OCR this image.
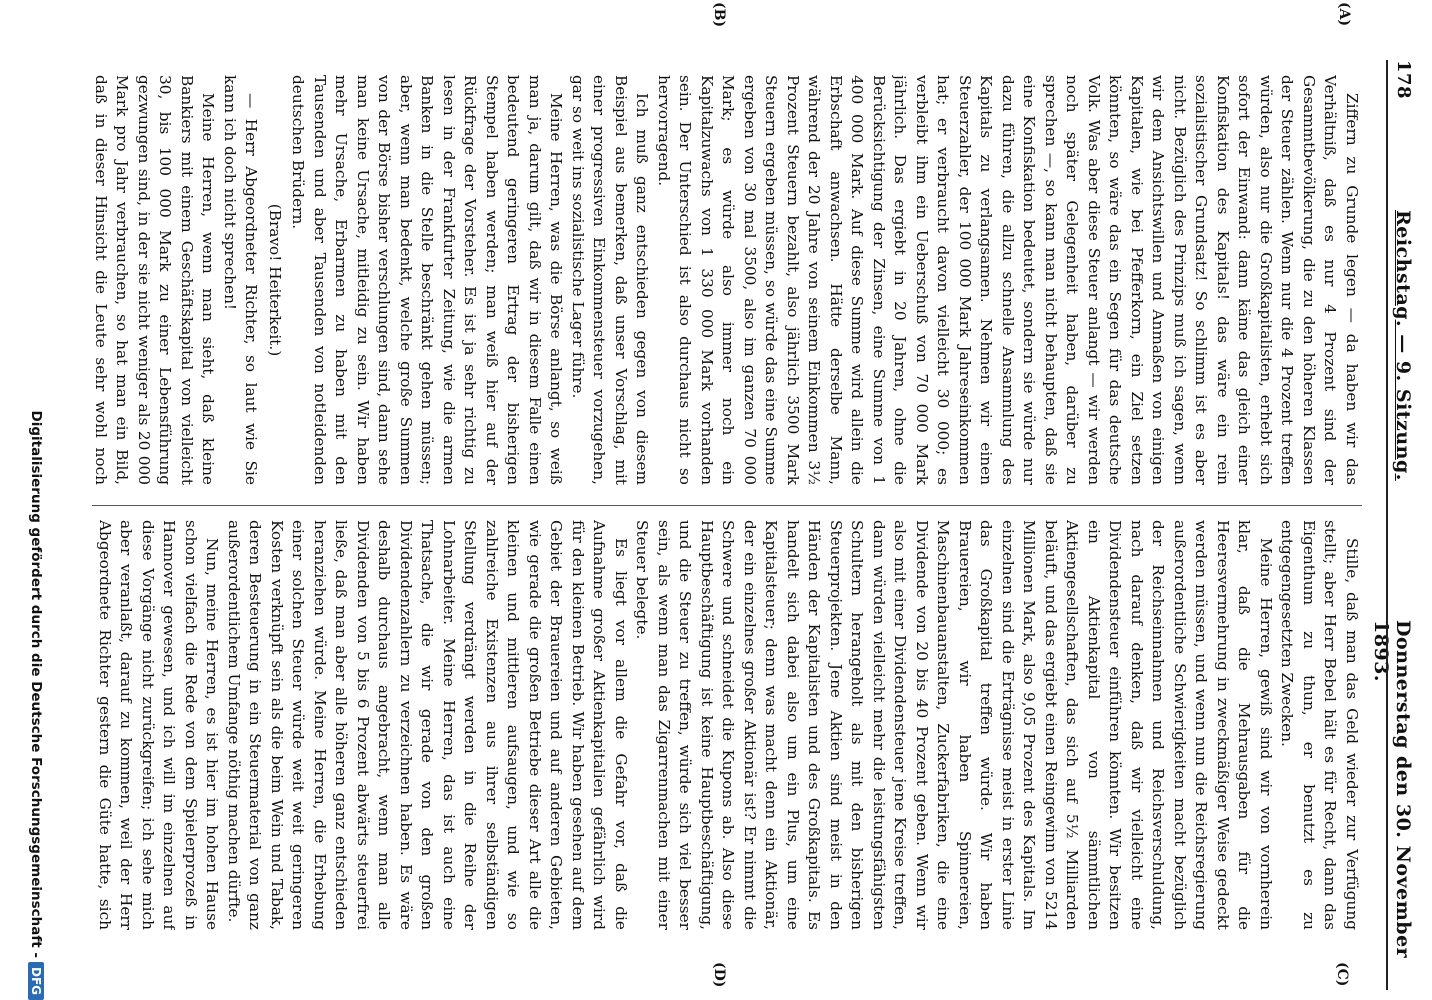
178
Reichstag. — 9. Sitzung.
Donnerstag den 30. November 1893.
(A)
(B)
(C)
(D)

Ziffern zu Grunde legen — da haben wir das Verhältniß, daß es nur 4 Prozent sind der Gesammtbevölkerung, die zu den höheren Klassen der Steuer zählen. Wenn nur die 4 Prozent treffen würden, also nur die Großkapitalisten, erhebt sich sofort der Einwand: dann käme das gleich einer Konfiskation des Kapitals! das wäre ein rein sozialistischer Grundsatz! So schlimm ist es aber nicht. Bezüglich des Prinzips muß ich sagen, wenn wir dem Ansichtswillen und Anmaßen von einigen Kapitalen, wie bei Pfefferkorn, ein Ziel setzen könnten, so wäre das ein Segen für das deutsche Volk. Was aber diese Steuer anlangt — wir werden noch später Gelegenheit haben, darüber zu sprechen —, so kann man nicht behaupten, daß sie eine Konfiskation bedeutet, sondern sie würde nur dazu führen, die allzu schnelle Ansammlung des Kapitals zu verlangsamen. Nehmen wir einen Steuerzahler, der 100 000 Mark Jahreseinkommen hat; er verbraucht davon vielleicht 30 000; es verbleibt ihm ein Ueberschuß von 70 000 Mark jährlich. Das ergiebt in 20 Jahren, ohne die Berücksichtigung der Zinsen, eine Summe von 1 400 000 Mark. Auf diese Summe wird allein die Erbschaft anwachsen. Hätte derselbe Mann, während der 20 Jahre von seinem Einkommen 3½ Prozent Steuern bezahlt, also jährlich 3500 Mark Steuern ergeben müssen, so würde das eine Summe ergeben von 30 mal 3500, also im ganzen 70 000 Mark; es würde also immer noch ein Kapitalzuwachs von 1 330 000 Mark vorhanden sein. Der Unterschied ist also durchaus nicht so hervorragend.

Ich muß ganz entschieden gegen von diesem Beispiel aus bemerken, daß unser Vorschlag, mit einer progressiven Einkommensteuer vorzugehen, gar so weit ins sozialistische Lager führe.

Meine Herren, was die Börse anlangt, so weiß man ja, darum gilt, daß wir in diesem Falle einen bedeutend geringeren Ertrag der bisherigen Stempel haben werden; man weiß hier auf der Rückfrage der Vorsteher. Es ist ja sehr richtig zu lesen in der Frankfurter Zeitung, wie die armen Banken in die Stelle beschränkt gehen müssen; aber, wenn man bedenkt, welche große Summen von der Börse bisher verschlungen sind, dann sehe man keine Ursache, mitleidig zu sein. Wir haben mehr Ursache, Erbarmen zu haben mit den Tausenden und aber Tausenden von notleidenden deutschen Brüdern.

(Bravo! Heiterkeit.)

— Herr Abgeordneter Richter, so laut wie Sie kann ich doch nicht sprechen!

Meine Herren, wenn man sieht, daß kleine Bankiers mit einem Geschäftskapital von vielleicht 30, bis 100 000 Mark zu einer Lebensführung gezwungen sind, in der sie nicht weniger als 20 000 Mark pro Jahr verbrauchen, so hat man ein Bild, daß in dieser Hinsicht die Leute sehr wohl noch

Stille, daß man das Geld wieder zur Verfügung stellt; aber Herr Bebel hält es für Recht, dann das Eigenthum zu thun, er benutzt es zu entgegengesetzten Zwecken.

Meine Herren, gewiß sind wir von vornherein klar, daß die Mehrausgaben für die Heeresvermehrung in zweckmäßiger Weise gedeckt werden müssen, und wenn nun die Reichsregierung außerordentliche Schwierigkeiten macht bezüglich der Reichseinnahmen und Reichsverschuldung, nach darauf denken, daß wir vielleicht eine Dividendensteuer einführen könnten. Wir besitzen ein Aktienkapital von sämmtlichen Aktiengesellschaften, das sich auf 5½ Milliarden beläuft, und das ergiebt einen Reingewinn von 5214 Millionen Mark, also 9,05 Prozent des Kapitals. Im einzelnen sind die Erträgnisse meist in erster Linie das Großkapital treffen würde. Wir haben Brauereien, wir haben Spinnereien, Maschinenbauanstalten, Zuckerfabriken, die eine Dividende von 20 bis 40 Prozent geben. Wenn wir also mit einer Dividendensteuer jene Kreise treffen, dann würden vielleicht mehr die leistungsfähigsten Schultern herangeholt als mit den bisherigen Steuerprojekten. Jene Aktien sind meist in den Händen der Kapitalisten und des Großkapitals. Es handelt sich dabei also um ein Plus, um eine Kapitalsteuer; denn was macht denn ein Aktionär, der ein einzelnes großer Aktionär ist? Er nimmt die Schwere und schneidet die Kupons ab. Also diese Hauptbeschäftigung ist keine Hauptbeschäftigung, und die Steuer zu treffen, würde sich viel besser sein, als wenn man das Zigarrenmachen mit einer Steuer belegte.

Es liegt vor allem die Gefahr vor, daß die Aufnahme großer Aktienkapitalien gefährlich wird für den kleinen Betrieb. Wir haben gesehen auf dem Gebiet der Brauereien und auf anderen Gebieten, wie gerade die großen Betriebe dieser Art alle die kleinen und mittleren aufsaugen, und wie so zahlreiche Existenzen aus ihrer selbständigen Stellung verdrängt werden in die Reihe der Lohnarbeiter. Meine Herren, das ist auch eine Thatsache, die wir gerade von den großen Dividendenzahlern zu verzeichnen haben. Es wäre deshalb durchaus angebracht, wenn man alle Dividenden von 5 bis 6 Prozent abwärts steuerfrei ließe, daß man aber alle höheren ganz entschieden heranziehen würde. Meine Herren, die Erhebung einer solchen Steuer würde weit weit geringeren Kosten verknüpft sein als die beim Wein und Tabak, deren Besteuerung in ein Steuermaterial von ganz außerordentlichem Umfange nöthig machen dürfte.

Nun, meine Herren, es ist hier im hohen Hause schon vielfach die Rede von dem Spielerprozeß in Hannover gewesen, und ich will im einzelnen auf diese Vorgänge nicht zurückgreifen; ich sehe mich aber veranlaßt, darauf zu kommen, weil der Herr Abgeordnete Richter gestern die Güte hatte, sich

Digitalisierung gefördert durch die Deutsche Forschungsgemeinschaft -DFG
